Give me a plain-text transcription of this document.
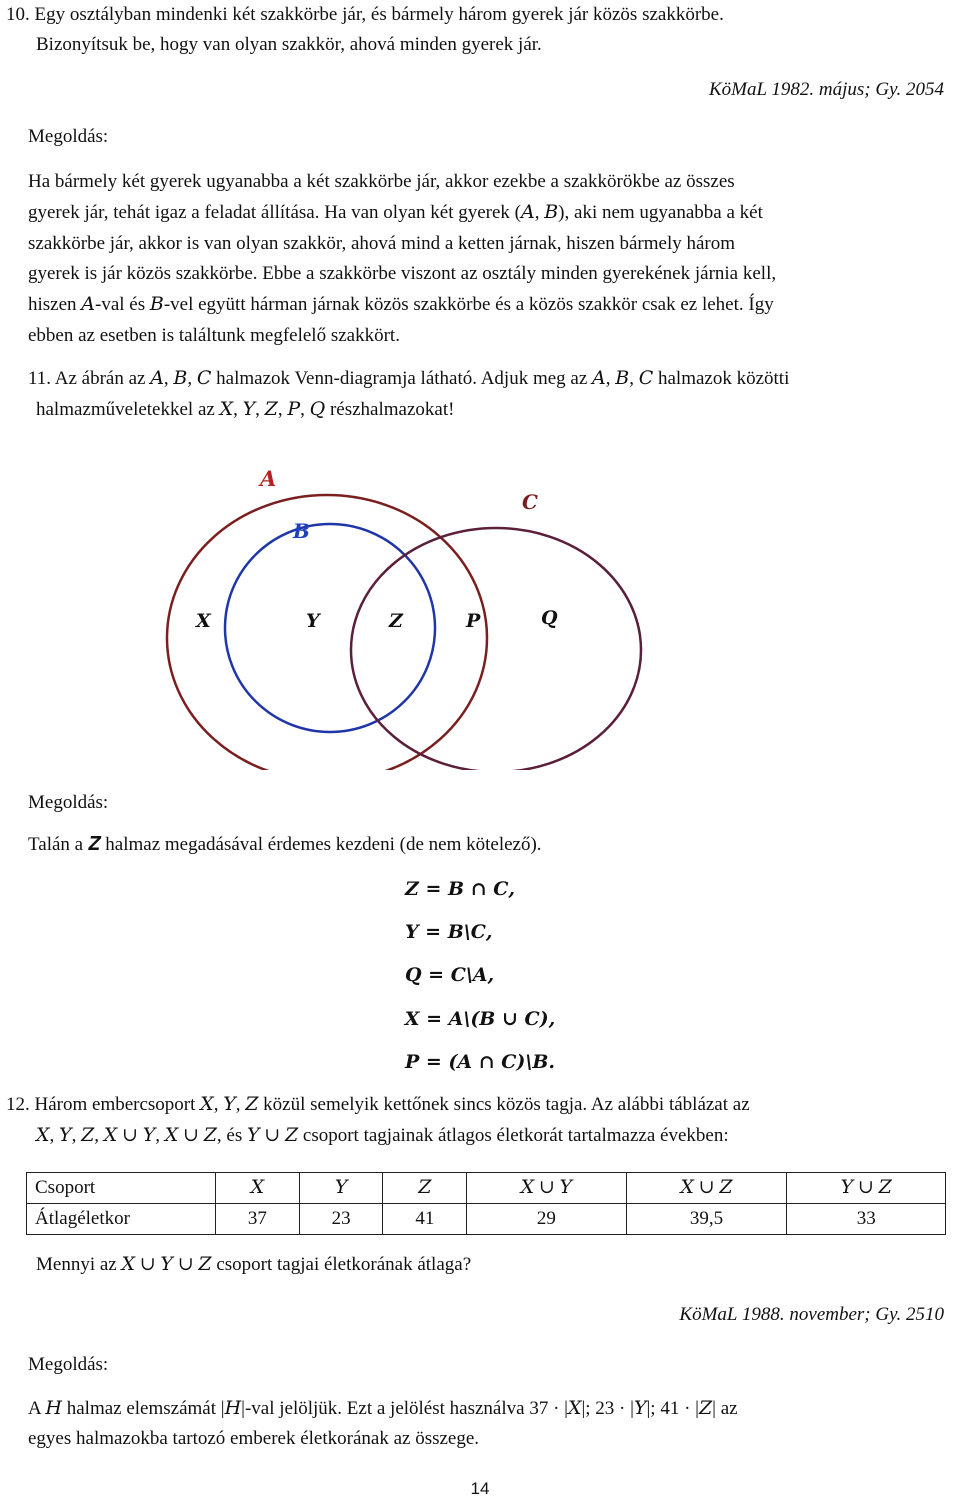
10. Egy osztályban mindenki két szakkörbe jár, és bármely három gyerek jár közös szakkörbe.
Bizonyítsuk be, hogy van olyan szakkör, ahová minden gyerek jár.
KöMaL 1982. május; Gy. 2054
Megoldás:
Ha bármely két gyerek ugyanabba a két szakkörbe jár, akkor ezekbe a szakkörökbe az összes
gyerek jár, tehát igaz a feladat állítása. Ha van olyan két gyerek (𝐴, 𝐵), aki nem ugyanabba a két
szakkörbe jár, akkor is van olyan szakkör, ahová mind a ketten járnak, hiszen bármely három
gyerek is jár közös szakkörbe. Ebbe a szakkörbe viszont az osztály minden gyerekének járnia kell,
hiszen 𝐴-val és 𝐵-vel együtt hárman járnak közös szakkörbe és a közös szakkör csak ez lehet. Így
ebben az esetben is találtunk megfelelő szakkört.
11. Az ábrán az 𝐴, 𝐵, 𝐶 halmazok Venn-diagramja látható. Adjuk meg az 𝐴, 𝐵, 𝐶 halmazok közötti
halmazműveletekkel az 𝑋, 𝑌, 𝑍, 𝑃, 𝑄 részhalmazokat!
A
B
C
X	Y	Z	P	Q
Megoldás:
Talán a 𝒁 halmaz megadásával érdemes kezdeni (de nem kötelező).
𝒁 = 𝑩 ∩ 𝑪,
𝒀 = 𝑩\𝑪,
𝑸 = 𝑪\𝑨,
𝑿 = 𝑨\(𝑩 ∪ 𝑪),
𝑷 = (𝑨 ∩ 𝑪)\𝑩.
12. Három embercsoport 𝑋, 𝑌, 𝑍 közül semelyik kettőnek sincs közös tagja. Az alábbi táblázat az
𝑋, 𝑌, 𝑍, 𝑋 ∪ 𝑌, 𝑋 ∪ 𝑍, és 𝑌 ∪ 𝑍 csoport tagjainak átlagos életkorát tartalmazza években:
Csoport	𝑋	𝑌	𝑍	𝑋 ∪ 𝑌	𝑋 ∪ 𝑍	𝑌 ∪ 𝑍
Átlagéletkor	37	23	41	29	39,5	33
Mennyi az 𝑋 ∪ 𝑌 ∪ 𝑍 csoport tagjai életkorának átlaga?
KöMaL 1988. november; Gy. 2510
Megoldás:
A 𝐻 halmaz elemszámát |𝐻|-val jelöljük. Ezt a jelölést használva 37 · |𝑋|; 23 · |𝑌|; 41 · |𝑍| az
egyes halmazokba tartozó emberek életkorának az összege.
14
